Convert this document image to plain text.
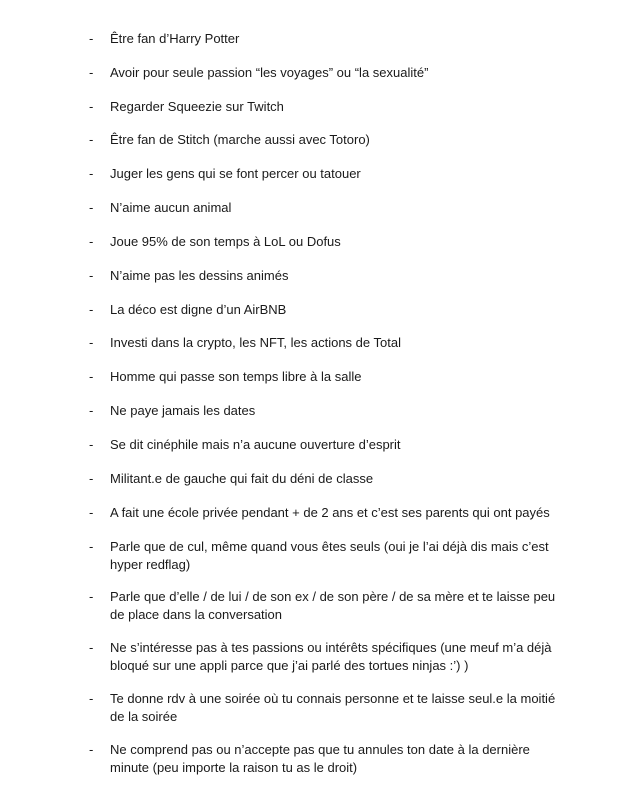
- Être fan d’Harry Potter
- Avoir pour seule passion “les voyages” ou “la sexualité”
- Regarder Squeezie sur Twitch
- Être fan de Stitch (marche aussi avec Totoro)
- Juger les gens qui se font percer ou tatouer
- N’aime aucun animal
- Joue 95% de son temps à LoL ou Dofus
- N’aime pas les dessins animés
- La déco est digne d’un AirBNB
- Investi dans la crypto, les NFT, les actions de Total
- Homme qui passe son temps libre à la salle
- Ne paye jamais les dates
- Se dit cinéphile mais n’a aucune ouverture d’esprit
- Militant.e de gauche qui fait du déni de classe
- A fait une école privée pendant + de 2 ans et c’est ses parents qui ont payés
- Parle que de cul, même quand vous êtes seuls (oui je l’ai déjà dis mais c’est hyper redflag)
- Parle que d’elle / de lui / de son ex / de son père / de sa mère et te laisse peu de place dans la conversation
- Ne s’intéresse pas à tes passions ou intérêts spécifiques (une meuf m’a déjà bloqué sur une appli parce que j’ai parlé des tortues ninjas :’) )
- Te donne rdv à une soirée où tu connais personne et te laisse seul.e la moitié de la soirée
- Ne comprend pas ou n’accepte pas que tu annules ton date à la dernière minute (peu importe la raison tu as le droit)
